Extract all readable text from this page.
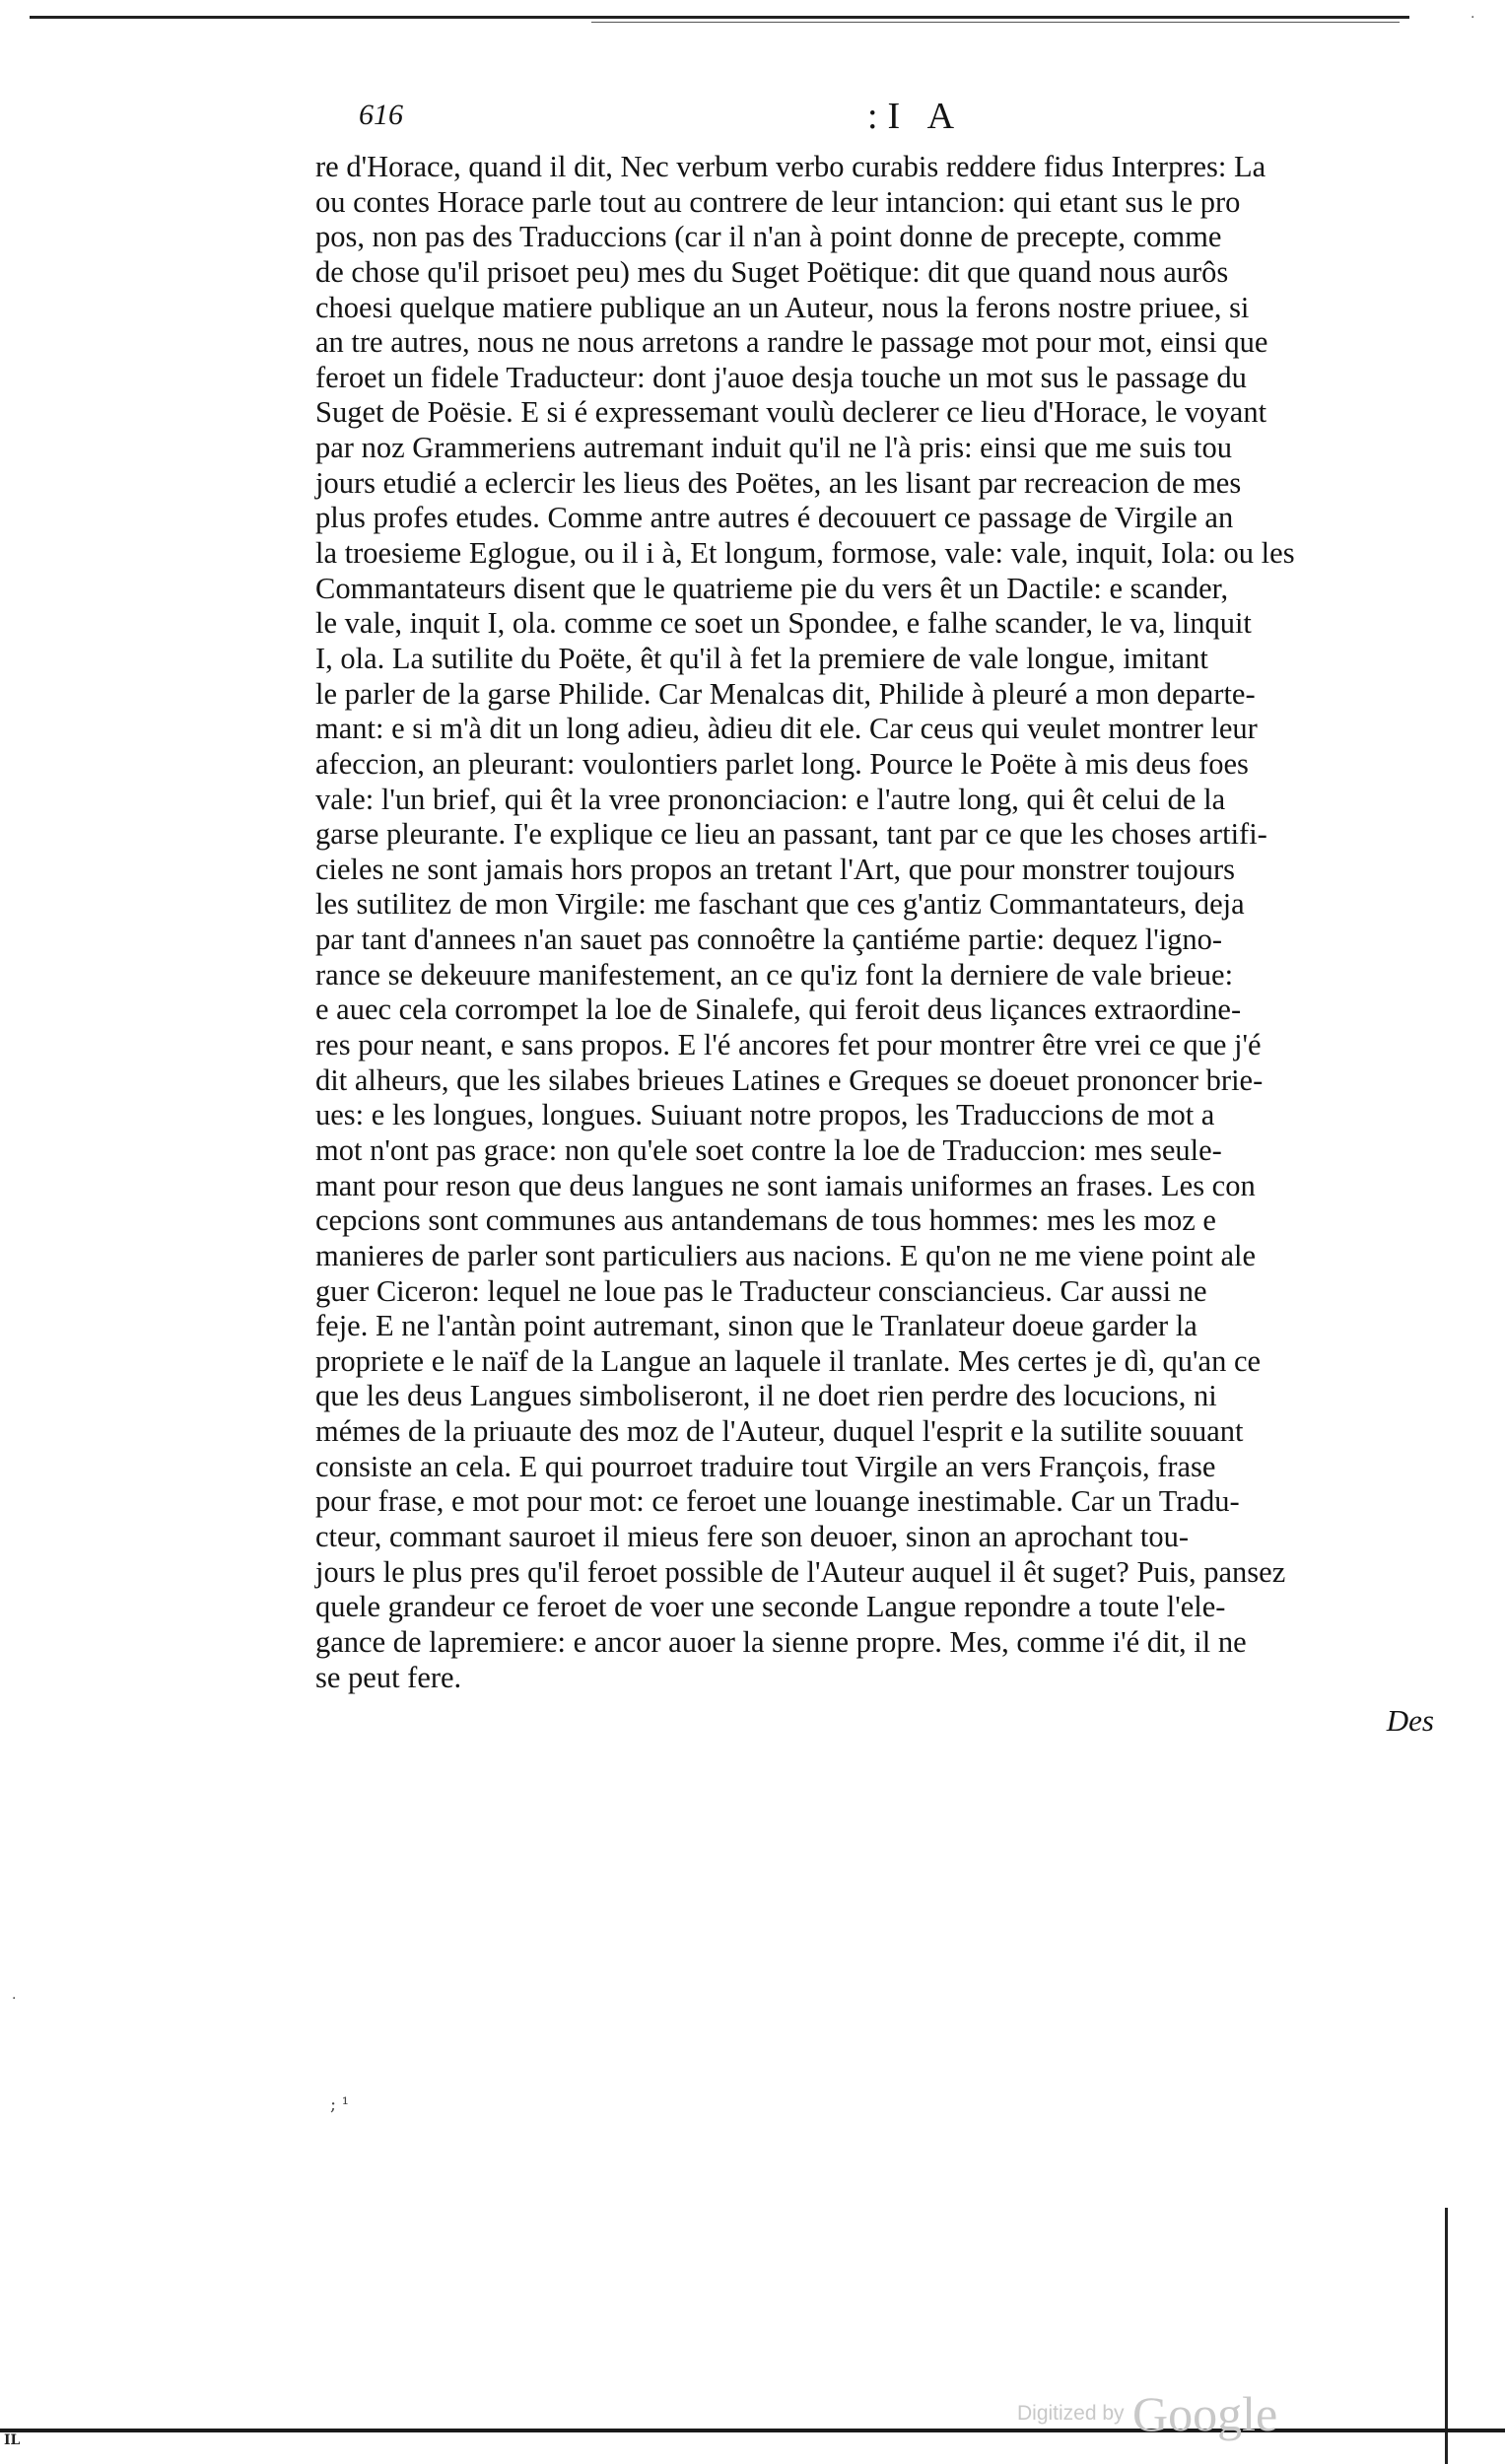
·
616	:I A
re d'Horace, quand il dit, Nec verbum verbo curabis reddere fidus Interpres: La
ou contes Horace parle tout au contrere de leur intancion: qui etant sus le pro
pos, non pas des Traduccions (car il n'an à point donne de precepte, comme
de chose qu'il prisoet peu) mes du Suget Poëtique: dit que quand nous aurôs
choesi quelque matiere publique an un Auteur, nous la ferons nostre priuee, si
an tre autres, nous ne nous arretons a randre le passage mot pour mot, einsi que
feroet un fidele Traducteur: dont j'auoe desja touche un mot sus le passage du
Suget de Poësie. E si é expressemant voulù declerer ce lieu d'Horace, le voyant
par noz Grammeriens autremant induit qu'il ne l'à pris: einsi que me suis tou
jours etudié a eclercir les lieus des Poëtes, an les lisant par recreacion de mes
plus profes etudes. Comme antre autres é decouuert ce passage de Virgile an
la troesieme Eglogue, ou il i à, Et longum, formose, vale: vale, inquit, Iola: ou les
Commantateurs disent que le quatrieme pie du vers êt un Dactile: e scander,
le vale, inquit I, ola. comme ce soet un Spondee, e falhe scander, le va, linquit
I, ola. La sutilite du Poëte, êt qu'il à fet la premiere de vale longue, imitant
le parler de la garse Philide. Car Menalcas dit, Philide à pleuré a mon departe-
mant: e si m'à dit un long adieu, àdieu dit ele. Car ceus qui veulet montrer leur
afeccion, an pleurant: voulontiers parlet long. Pource le Poëte à mis deus foes
vale: l'un brief, qui êt la vree prononciacion: e l'autre long, qui êt celui de la
garse pleurante. I'e explique ce lieu an passant, tant par ce que les choses artifi-
cieles ne sont jamais hors propos an tretant l'Art, que pour monstrer toujours
les sutilitez de mon Virgile: me faschant que ces g'antiz Commantateurs, deja
par tant d'annees n'an sauet pas connoêtre la çantiéme partie: dequez l'igno-
rance se dekeuure manifestement, an ce qu'iz font la derniere de vale brieue:
e auec cela corrompet la loe de Sinalefe, qui feroit deus liçances extraordine-
res pour neant, e sans propos. E l'é ancores fet pour montrer être vrei ce que j'é
dit alheurs, que les silabes brieues Latines e Greques se doeuet prononcer brie-
ues: e les longues, longues. Suiuant notre propos, les Traduccions de mot a
mot n'ont pas grace: non qu'ele soet contre la loe de Traduccion: mes seule-
mant pour reson que deus langues ne sont iamais uniformes an frases. Les con
cepcions sont communes aus antandemans de tous hommes: mes les moz e
manieres de parler sont particuliers aus nacions. E qu'on ne me viene point ale
guer Ciceron: lequel ne loue pas le Traducteur consciancieus. Car aussi ne
feje. E ne l'antàn point autremant, sinon que le Tranlateur doeue garder la
propriete e le naïf de la Langue an laquele il tranlate. Mes certes je dì, qu'an ce
que les deus Langues simboliseront, il ne doet rien perdre des locucions, ni
mémes de la priuaute des moz de l'Auteur, duquel l'esprit e la sutilite souuant
consiste an cela. E qui pourroet traduire tout Virgile an vers François, frase
pour frase, e mot pour mot: ce feroet une louange inestimable. Car un Tradu-
cteur, commant sauroet il mieus fere son deuoer, sinon an aprochant tou-
jours le plus pres qu'il feroet possible de l'Auteur auquel il êt suget? Puis, pansez
quele grandeur ce feroet de voer une seconde Langue repondre a toute l'ele-
gance de lapremiere: e ancor auoer la sienne propre. Mes, comme i'é dit, il ne
se peut fere.
Des
; ¹
·
IL
Digitized by Google
